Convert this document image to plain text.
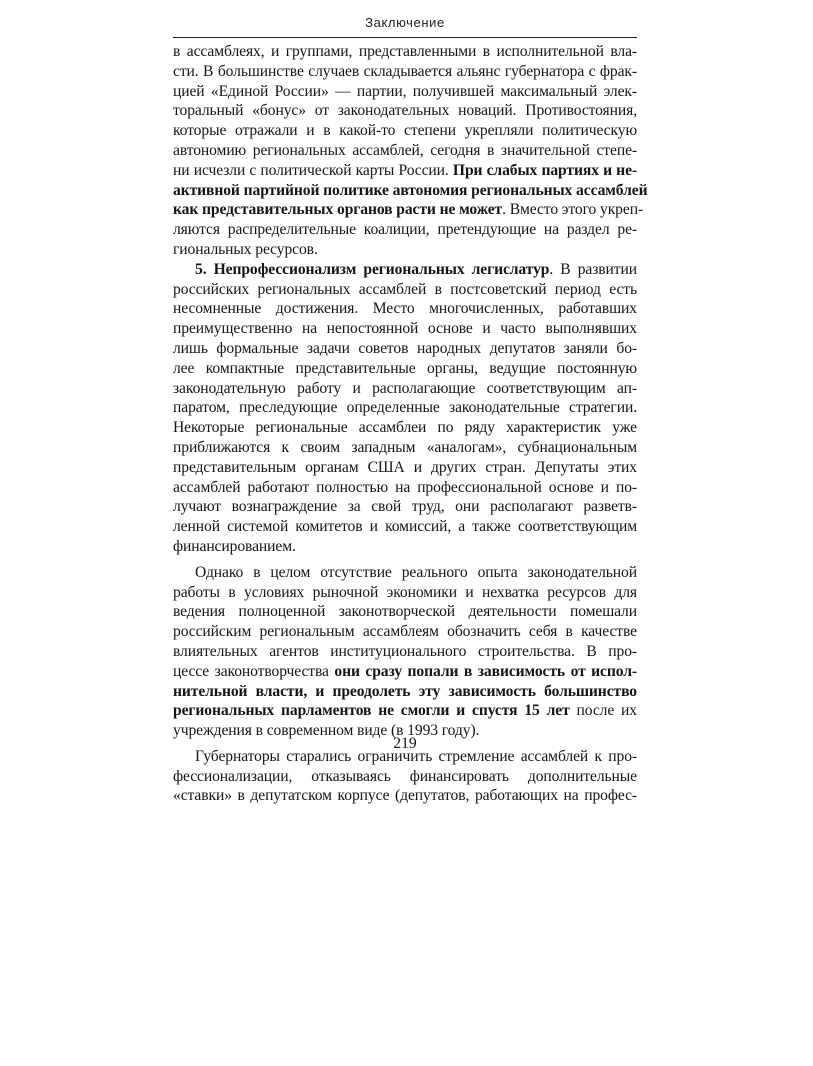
Заключение
в ассамблеях, и группами, представленными в исполнительной вла-
сти. В большинстве случаев складывается альянс губернатора с фрак-
цией «Единой России» — партии, получившей максимальный элек-
торальный «бонус» от законодательных новаций. Противостояния,
которые отражали и в какой-то степени укрепляли политическую
автономию региональных ассамблей, сегодня в значительной степе-
ни исчезли с политической карты России. При слабых партиях и не-
активной партийной политике автономия региональных ассамблей
как представительных органов расти не может. Вместо этого укреп-
ляются распределительные коалиции, претендующие на раздел ре-
гиональных ресурсов.
5. Непрофессионализм региональных легислатур. В развитии
российских региональных ассамблей в постсоветский период есть
несомненные достижения. Место многочисленных, работавших
преимущественно на непостоянной основе и часто выполнявших
лишь формальные задачи советов народных депутатов заняли бо-
лее компактные представительные органы, ведущие постоянную
законодательную работу и располагающие соответствующим ап-
паратом, преследующие определенные законодательные стратегии.
Некоторые региональные ассамблеи по ряду характеристик уже
приближаются к своим западным «аналогам», субнациональным
представительным органам США и других стран. Депутаты этих
ассамблей работают полностью на профессиональной основе и по-
лучают вознаграждение за свой труд, они располагают разветв-
ленной системой комитетов и комиссий, а также соответствующим
финансированием.
Однако в целом отсутствие реального опыта законодательной
работы в условиях рыночной экономики и нехватка ресурсов для
ведения полноценной законотворческой деятельности помешали
российским региональным ассамблеям обозначить себя в качестве
влиятельных агентов институционального строительства. В про-
цессе законотворчества они сразу попали в зависимость от испол-
нительной власти, и преодолеть эту зависимость большинство
региональных парламентов не смогли и спустя 15 лет после их
учреждения в современном виде (в 1993 году).
Губернаторы старались ограничить стремление ассамблей к про-
фессионализации, отказываясь финансировать дополнительные
«ставки» в депутатском корпусе (депутатов, работающих на профес-
219
